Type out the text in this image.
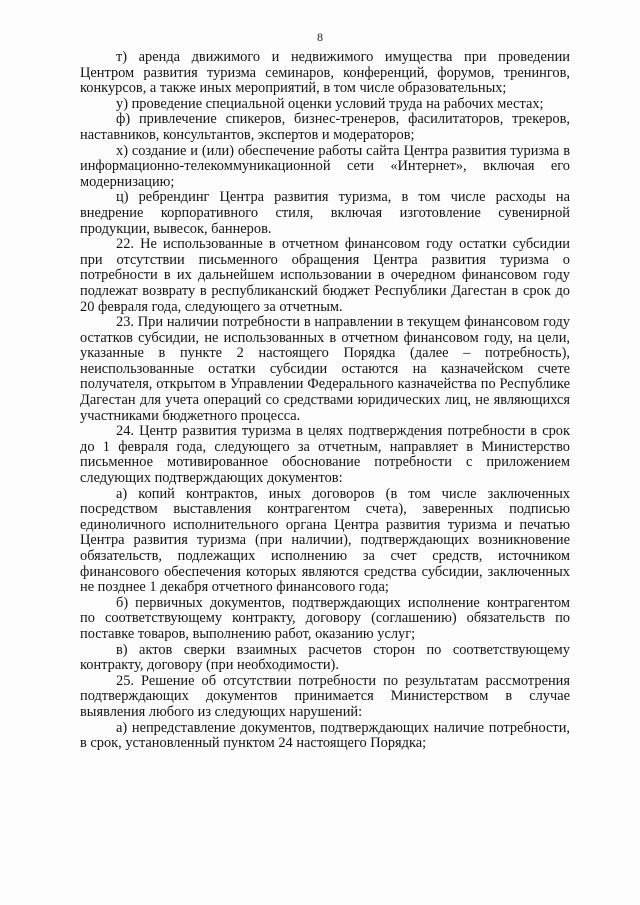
8

т) аренда движимого и недвижимого имущества при проведении Центром развития туризма семинаров, конференций, форумов, тренингов, конкурсов, а также иных мероприятий, в том числе образовательных;

у) проведение специальной оценки условий труда на рабочих местах;

ф) привлечение спикеров, бизнес-тренеров, фасилитаторов, трекеров, наставников, консультантов, экспертов и модераторов;

х) создание и (или) обеспечение работы сайта Центра развития туризма в информационно-телекоммуникационной сети «Интернет», включая его модернизацию;

ц) ребрендинг Центра развития туризма, в том числе расходы на внедрение корпоративного стиля, включая изготовление сувенирной продукции, вывесок, баннеров.

22. Не использованные в отчетном финансовом году остатки субсидии при отсутствии письменного обращения Центра развития туризма о потребности в их дальнейшем использовании в очередном финансовом году подлежат возврату в республиканский бюджет Республики Дагестан в срок до 20 февраля года, следующего за отчетным.

23. При наличии потребности в направлении в текущем финансовом году остатков субсидии, не использованных в отчетном финансовом году, на цели, указанные в пункте 2 настоящего Порядка (далее – потребность), неиспользованные остатки субсидии остаются на казначейском счете получателя, открытом в Управлении Федерального казначейства по Республике Дагестан для учета операций со средствами юридических лиц, не являющихся участниками бюджетного процесса.

24. Центр развития туризма в целях подтверждения потребности в срок до 1 февраля года, следующего за отчетным, направляет в Министерство письменное мотивированное обоснование потребности с приложением следующих подтверждающих документов:

а) копий контрактов, иных договоров (в том числе заключенных посредством выставления контрагентом счета), заверенных подписью единоличного исполнительного органа Центра развития туризма и печатью Центра развития туризма (при наличии), подтверждающих возникновение обязательств, подлежащих исполнению за счет средств, источником финансового обеспечения которых являются средства субсидии, заключенных не позднее 1 декабря отчетного финансового года;

б) первичных документов, подтверждающих исполнение контрагентом по соответствующему контракту, договору (соглашению) обязательств по поставке товаров, выполнению работ, оказанию услуг;

в) актов сверки взаимных расчетов сторон по соответствующему контракту, договору (при необходимости).

25. Решение об отсутствии потребности по результатам рассмотрения подтверждающих документов принимается Министерством в случае выявления любого из следующих нарушений:

а) непредставление документов, подтверждающих наличие потребности, в срок, установленный пунктом 24 настоящего Порядка;
